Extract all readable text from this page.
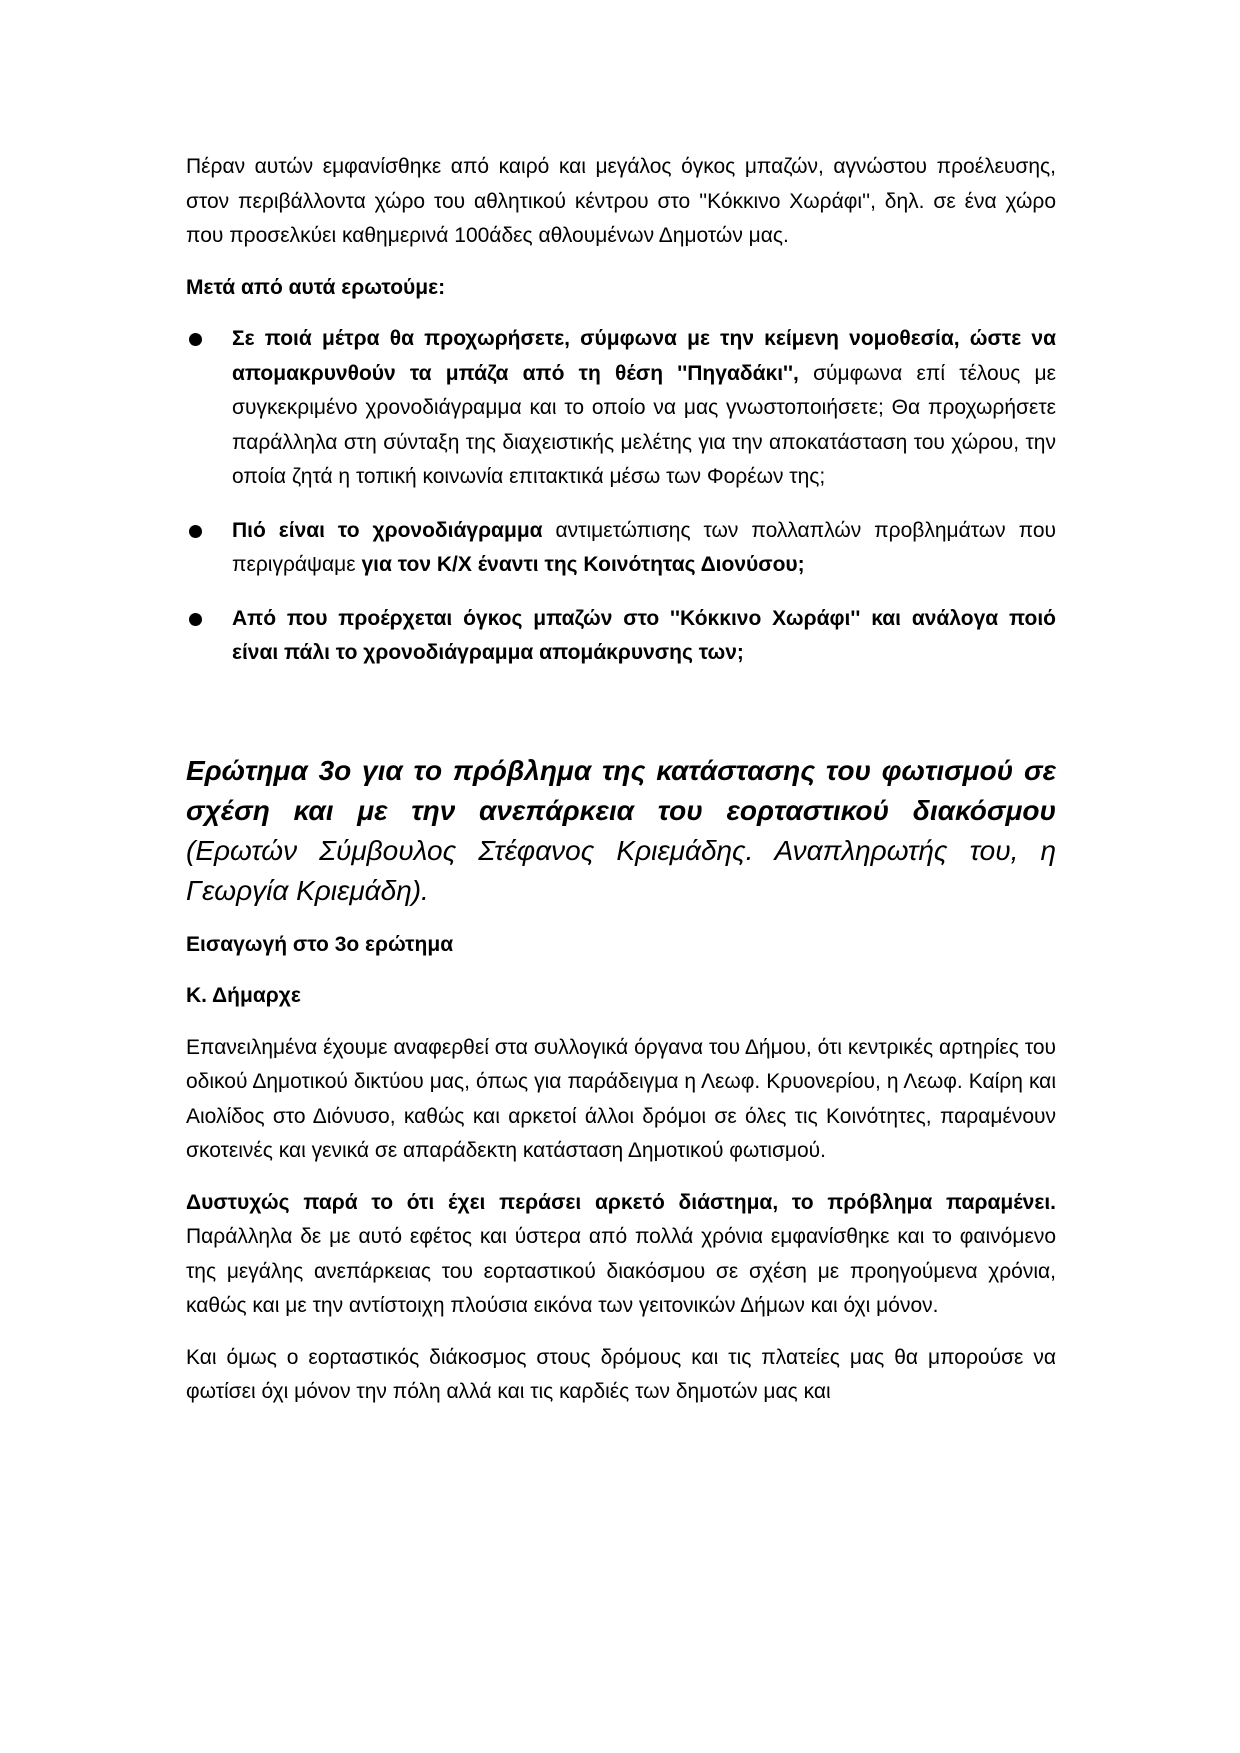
Πέραν αυτών εμφανίσθηκε από καιρό και μεγάλος όγκος μπαζών, αγνώστου προέλευσης, στον περιβάλλοντα χώρο του αθλητικού κέντρου στο ''Κόκκινο Χωράφι'', δηλ. σε ένα χώρο που προσελκύει καθημερινά 100άδες αθλουμένων Δημοτών μας.

Μετά από αυτά ερωτούμε:

Σε ποιά μέτρα θα προχωρήσετε, σύμφωνα με την κείμενη νομοθεσία, ώστε να απομακρυνθούν τα μπάζα από τη θέση ''Πηγαδάκι'', σύμφωνα επί τέλους με συγκεκριμένο χρονοδιάγραμμα και το οποίο να μας γνωστοποιήσετε; Θα προχωρήσετε παράλληλα στη σύνταξη της διαχειστικής μελέτης για την αποκατάσταση του χώρου, την οποία ζητά η τοπική κοινωνία επιτακτικά μέσω των Φορέων της;

Πιό είναι το χρονοδιάγραμμα αντιμετώπισης των πολλαπλών προβλημάτων που περιγράψαμε για τον Κ/Χ έναντι της Κοινότητας Διονύσου;

Από που προέρχεται όγκος μπαζών στο ''Κόκκινο Χωράφι'' και ανάλογα ποιό είναι πάλι το χρονοδιάγραμμα απομάκρυνσης των;

Ερώτημα 3ο για το πρόβλημα της κατάστασης του φωτισμού σε σχέση και με την ανεπάρκεια του εορταστικού διακόσμου (Ερωτών Σύμβουλος Στέφανος Κριεμάδης. Αναπληρωτής του, η Γεωργία Κριεμάδη).

Εισαγωγή στο 3ο ερώτημα

Κ. Δήμαρχε

Επανειλημένα έχουμε αναφερθεί στα συλλογικά όργανα του Δήμου, ότι κεντρικές αρτηρίες του οδικού Δημοτικού δικτύου μας, όπως για παράδειγμα η Λεωφ. Κρυονερίου, η Λεωφ. Καίρη και Αιολίδος στο Διόνυσο, καθώς και αρκετοί άλλοι δρόμοι σε όλες τις Κοινότητες, παραμένουν σκοτεινές και γενικά σε απαράδεκτη κατάσταση Δημοτικού φωτισμού.

Δυστυχώς παρά το ότι έχει περάσει αρκετό διάστημα, το πρόβλημα παραμένει. Παράλληλα δε με αυτό εφέτος και ύστερα από πολλά χρόνια εμφανίσθηκε και το φαινόμενο της μεγάλης ανεπάρκειας του εορταστικού διακόσμου σε σχέση με προηγούμενα χρόνια, καθώς και με την αντίστοιχη πλούσια εικόνα των γειτονικών Δήμων και όχι μόνον.

Και όμως ο εορταστικός διάκοσμος στους δρόμους και τις πλατείες μας θα μπορούσε να φωτίσει όχι μόνον την πόλη αλλά και τις καρδιές των δημοτών μας και
